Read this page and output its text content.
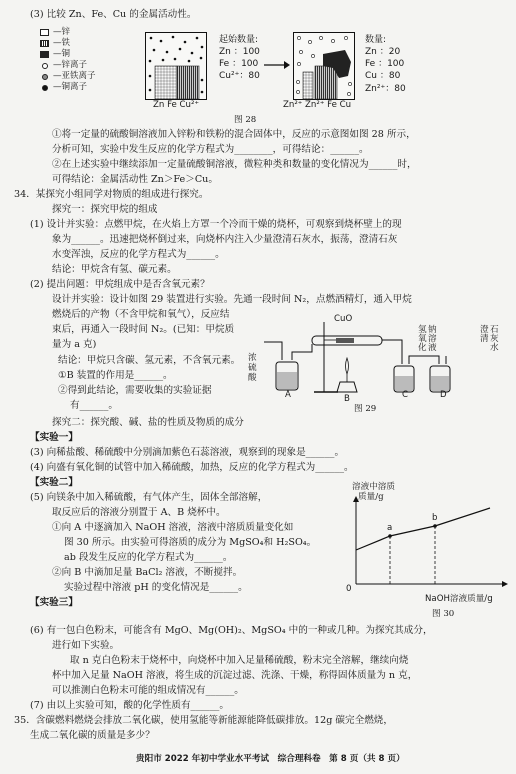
(3) 比较 Zn、Fe、Cu 的金属活动性。
—锌
—铁
—铜
—锌离子
—亚铁离子
—铜离子
Zn Fe Cu²⁺
起始数量:
Zn ：100
Fe ：100
Cu²⁺：80
Zn²⁺ Zn²⁺ Fe Cu
数量:
Zn ：20
Fe ：100
Cu ：80
Zn²⁺：80
图 28
①将一定量的硫酸铜溶液加入锌粉和铁粉的混合固体中，反应的示意图如图 28 所示，
分析可知，实验中发生反应的化学方程式为________，可得结论：______。
②在上述实验中继续添加一定量硫酸铜溶液，微粒种类和数量的变化情况为______时，
可得结论：金属活动性 Zn＞Fe＞Cu。
34．某探究小组同学对物质的组成进行探究。
探究一：探究甲烷的组成
(1) 设计并实验：点燃甲烷，在火焰上方罩一个冷而干燥的烧杯，可观察到烧杯壁上的现
象为______。迅速把烧杯倒过来，向烧杯内注入少量澄清石灰水，振荡，澄清石灰
水变浑浊，反应的化学方程式为______。
结论：甲烷含有氢、碳元素。
(2) 提出问题：甲烷组成中是否含氧元素？
设计并实验：设计如图 29 装置进行实验。先通一段时间 N₂，点燃酒精灯，通入甲烷
燃烧后的产物（不含甲烷和氧气），反应结
束后，再通入一段时间 N₂。(已知：甲烷质
量为 a 克)
结论：甲烷只含碳、氢元素，不含氧元素。
①B 装置的作用是______。
②得到此结论，需要收集的实验证据
有______。
CuO
浓
硫
酸
氢 钠
氧 溶
化 液
澄 石
清 灰
水
A	B	C	D
图 29
探究二：探究酸、碱、盐的性质及物质的成分
【实验一】
(3) 向稀盐酸、稀硫酸中分别滴加紫色石蕊溶液，观察到的现象是______。
(4) 向盛有氧化铜的试管中加入稀硫酸，加热，反应的化学方程式为______。
【实验二】
(5) 向镁条中加入稀硫酸，有气体产生，固体全部溶解，
取反应后的溶液分别置于 A、B 烧杯中。
①向 A 中逐滴加入 NaOH 溶液，溶液中溶质质量变化如
图 30 所示。由实验可得溶质的成分为 MgSO₄和 H₂SO₄。
ab 段发生反应的化学方程式为______。
②向 B 中滴加足量 BaCl₂ 溶液，不断搅拌。
实验过程中溶液 pH 的变化情况是______。
【实验三】
溶液中溶质
质量/g
a
b
0
NaOH溶液质量/g
图 30
(6) 有一包白色粉末，可能含有 MgO、Mg(OH)₂、MgSO₄ 中的一种或几种。为探究其成分，
进行如下实验。
取 n 克白色粉末于烧杯中，向烧杯中加入足量稀硫酸，粉末完全溶解，继续向烧
杯中加入足量 NaOH 溶液，将生成的沉淀过滤、洗涤、干燥，称得固体质量为 n 克，
可以推测白色粉末可能的组成情况有______。
(7) 由以上实验可知，酸的化学性质有______。
35．含碳燃料燃烧会排放二氧化碳，使用氢能等新能源能降低碳排放。12g 碳完全燃烧，
生成二氧化碳的质量是多少？
贵阳市 2022 年初中学业水平考试　综合理科卷　第 8 页（共 8 页）
